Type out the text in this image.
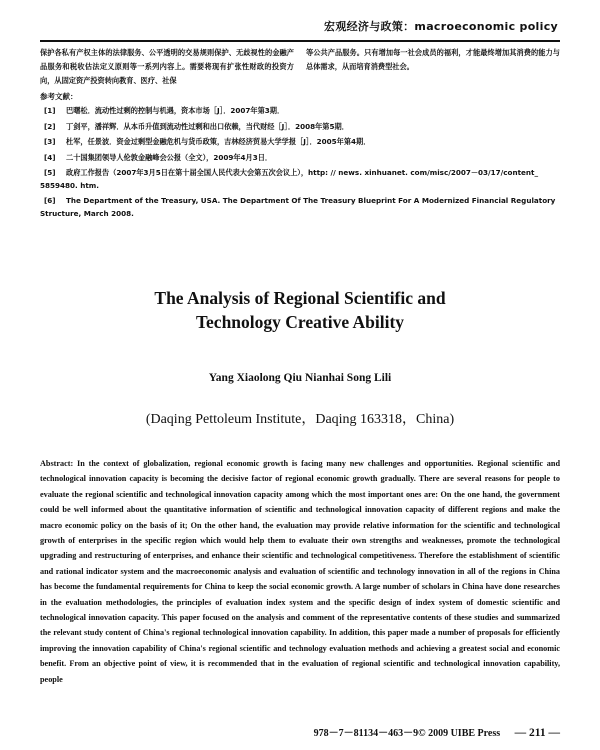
宏观经济与政策：macroeconomic policy

保护各私有产权主体的法律服务、公平透明的交易规则保护、无歧视性的金融产品服务和税收估法定义原则等一系列内容上。需要将现有扩张性财政的投资方向，从固定资产投资转向教育、医疗、社保

等公共产品服务。只有增加每一社会成员的福利，才能最终增加其消费的能力与总体需求，从而培育消费型社会。

参考文献：
[1] 巴曙松．流动性过剩的控制与机遇，资本市场［J］．2007年第3期．
[2] 丁剑平，潘祥辉．从本币升值到流动性过剩和出口依赖，当代财经［J］．2008年第5期．
[3] 杜军，任景波．资金过剩型金融危机与货币政策，吉林经济贸易大学学报［J］．2005年第4期．
[4] 二十国集团领导人伦敦金融峰会公报（全文），2009年4月3日．
[5] 政府工作报告（2007年3月5日在第十届全国人民代表大会第五次会议上），http: // news. xinhuanet. com/misc/2007－03/17/content_ 5859480. htm.
[6] The Department of the Treasury, USA. The Department Of The Treasury Blueprint For A Modernized Financial Regulatory Structure, March 2008.
The Analysis of Regional Scientific and
Technology Creative Ability
Yang Xiaolong Qiu Nianhai Song Lili
(Daqing Pettoleum Institute，Daqing 163318，China)

Abstract: In the context of globalization, regional economic growth is facing many new challenges and opportunities. Regional scientific and technological innovation capacity is becoming the decisive factor of regional economic growth gradually. There are several reasons for people to evaluate the regional scientific and technological innovation capacity among which the most important ones are: On the one hand, the government could be well informed about the quantitative information of scientific and technological innovation capacity of different regions and make the macro economic policy on the basis of it; On the other hand, the evaluation may provide relative information for the scientific and technological growth of enterprises in the specific region which would help them to evaluate their own strengths and weaknesses, promote the technological upgrading and restructuring of enterprises, and enhance their scientific and technological competitiveness. Therefore the establishment of scientific and rational indicator system and the macroeconomic analysis and evaluation of scientific and technology innovation in all of the regions in China has become the fundamental requirements for China to keep the social economic growth. A large number of scholars in China have done researches in the evaluation methodologies, the principles of evaluation index system and the specific design of index system of domestic scientific and technological innovation capacity. This paper focused on the analysis and comment of the representative contents of these studies and summarized the relevant study content of China's regional technological innovation capability. In addition, this paper made a number of proposals for efficiently improving the innovation capability of China's regional scientific and technology evaluation methods and achieving a greatest social and economic benefit. From an objective point of view, it is recommended that in the evaluation of regional scientific and technological innovation capability, people

978－7－81134－463－9© 2009 UIBE Press — 211 —
